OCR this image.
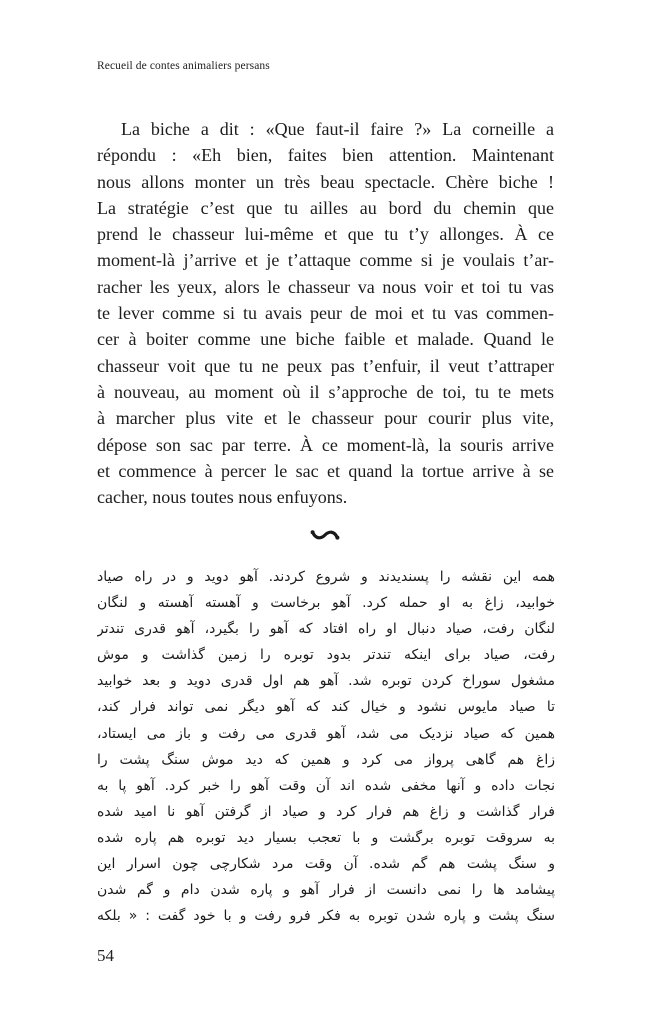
Recueil de contes animaliers persans
La biche a dit : «Que faut-il faire ?» La corneille a
répondu : «Eh bien, faites bien attention. Maintenant
nous allons monter un très beau spectacle. Chère biche !
La stratégie c’est que tu ailles au bord du chemin que
prend le chasseur lui-même et que tu t’y allonges. À ce
moment-là j’arrive et je t’attaque comme si je voulais t’ar-
racher les yeux, alors le chasseur va nous voir et toi tu vas
te lever comme si tu avais peur de moi et tu vas commen-
cer à boiter comme une biche faible et malade. Quand le
chasseur voit que tu ne peux pas t’enfuir, il veut t’attraper
à nouveau, au moment où il s’approche de toi, tu te mets
à marcher plus vite et le chasseur pour courir plus vite,
dépose son sac par terre. À ce moment-là, la souris arrive
et commence à percer le sac et quand la tortue arrive à se
cacher, nous toutes nous enfuyons.
همه این نقشه را پسندیدند و شروع کردند. آهو دوید و در راه صیاد
خوابید، زاغ به او حمله کرد. آهو برخاست و آهسته آهسته و لنگان
لنگان رفت، صیاد دنبال او راه افتاد که آهو را بگیرد، آهو قدری تندتر
رفت، صیاد برای اینکه تندتر بدود توبره را زمین گذاشت و موش
مشغول سوراخ کردن توبره شد. آهو هم اول قدری دوید و بعد خوابید
تا صیاد مایوس نشود و خیال کند که آهو دیگر نمی تواند فرار کند،
همین که صیاد نزدیک می شد، آهو قدری می رفت و باز می ایستاد،
زاغ هم گاهی پرواز می کرد و همین که دید موش سنگ پشت را
نجات داده و آنها مخفی شده اند آن وقت آهو را خبر کرد. آهو پا به
فرار گذاشت و زاغ هم فرار کرد و صیاد از گرفتن آهو نا امید شده
به سروقت توبره برگشت و با تعجب بسیار دید توبره هم پاره شده
و سنگ پشت هم گم شده. آن وقت مرد شکارچی چون اسرار این
پیشامد ها را نمی دانست از فرار آهو و پاره شدن دام و گم شدن
سنگ پشت و پاره شدن توبره به فکر فرو رفت و با خود گفت : « بلکه
54
